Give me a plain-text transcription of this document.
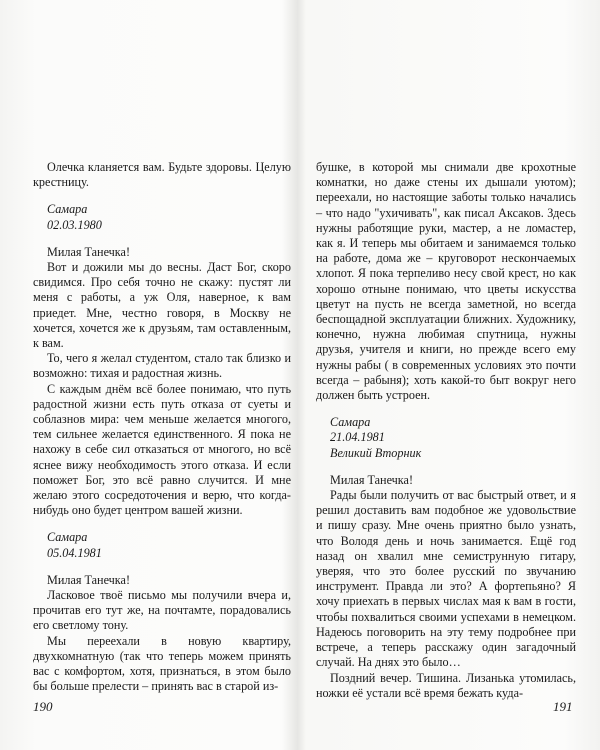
Олечка кланяется вам. Будьте здоровы. Целую крестницу.

Самара

02.03.1980

Милая Танечка!

Вот и дожили мы до весны. Даст Бог, скоро свидимся. Про себя точно не скажу: пустят ли меня с работы, а уж Оля, наверное, к вам приедет. Мне, честно говоря, в Москву не хочется, хочется же к друзьям, там оставленным, к вам.

То, чего я желал студентом, стало так близко и возможно: тихая и радостная жизнь.

С каждым днём всё более понимаю, что путь радостной жизни есть путь отказа от суеты и соблазнов мира: чем меньше желается многого, тем сильнее желается единственного. Я пока не нахожу в себе сил отказаться от многого, но всё яснее вижу необходимость этого отказа. И если поможет Бог, это всё равно случится. И мне желаю этого сосредоточения и верю, что когда-нибудь оно будет центром вашей жизни.

Самара

05.04.1981

Милая Танечка!

Ласковое твоё письмо мы получили вчера и, прочитав его тут же, на почтамте, порадовались его светлому тону.

Мы переехали в новую квартиру, двухкомнатную (так что теперь можем принять вас с комфортом, хотя, признаться, в этом было бы больше прелести – принять вас в старой из-

190

бушке, в которой мы снимали две крохотные комнатки, но даже стены их дышали уютом); переехали, но настоящие заботы только начались – что надо "ухичивать", как писал Аксаков. Здесь нужны работящие руки, мастер, а не ломастер, как я. И теперь мы обитаем и занимаемся только на работе, дома же – круговорот нескончаемых хлопот. Я пока терпеливо несу свой крест, но как хорошо отныне понимаю, что цветы искусства цветут на пусть не всегда заметной, но всегда беспощадной эксплуатации ближних. Художнику, конечно, нужна любимая спутница, нужны друзья, учителя и книги, но прежде всего ему нужны рабы ( в современных условиях это почти всегда – рабыня); хоть какой-то быт вокруг него должен быть устроен.

Самара

21.04.1981

Великий Вторник

Милая Танечка!

Рады были получить от вас быстрый ответ, и я решил доставить вам подобное же удовольствие и пишу сразу. Мне очень приятно было узнать, что Володя день и ночь занимается. Ещё год назад он хвалил мне семиструнную гитару, уверяя, что это более русский по звучанию инструмент. Правда ли это? А фортепьяно? Я хочу приехать в первых числах мая к вам в гости, чтобы похвалиться своими успехами в немецком. Надеюсь поговорить на эту тему подробнее при встрече, а теперь расскажу один загадочный случай. На днях это было…

Поздний вечер. Тишина. Лизанька утомилась, ножки её устали всё время бежать куда-

191
